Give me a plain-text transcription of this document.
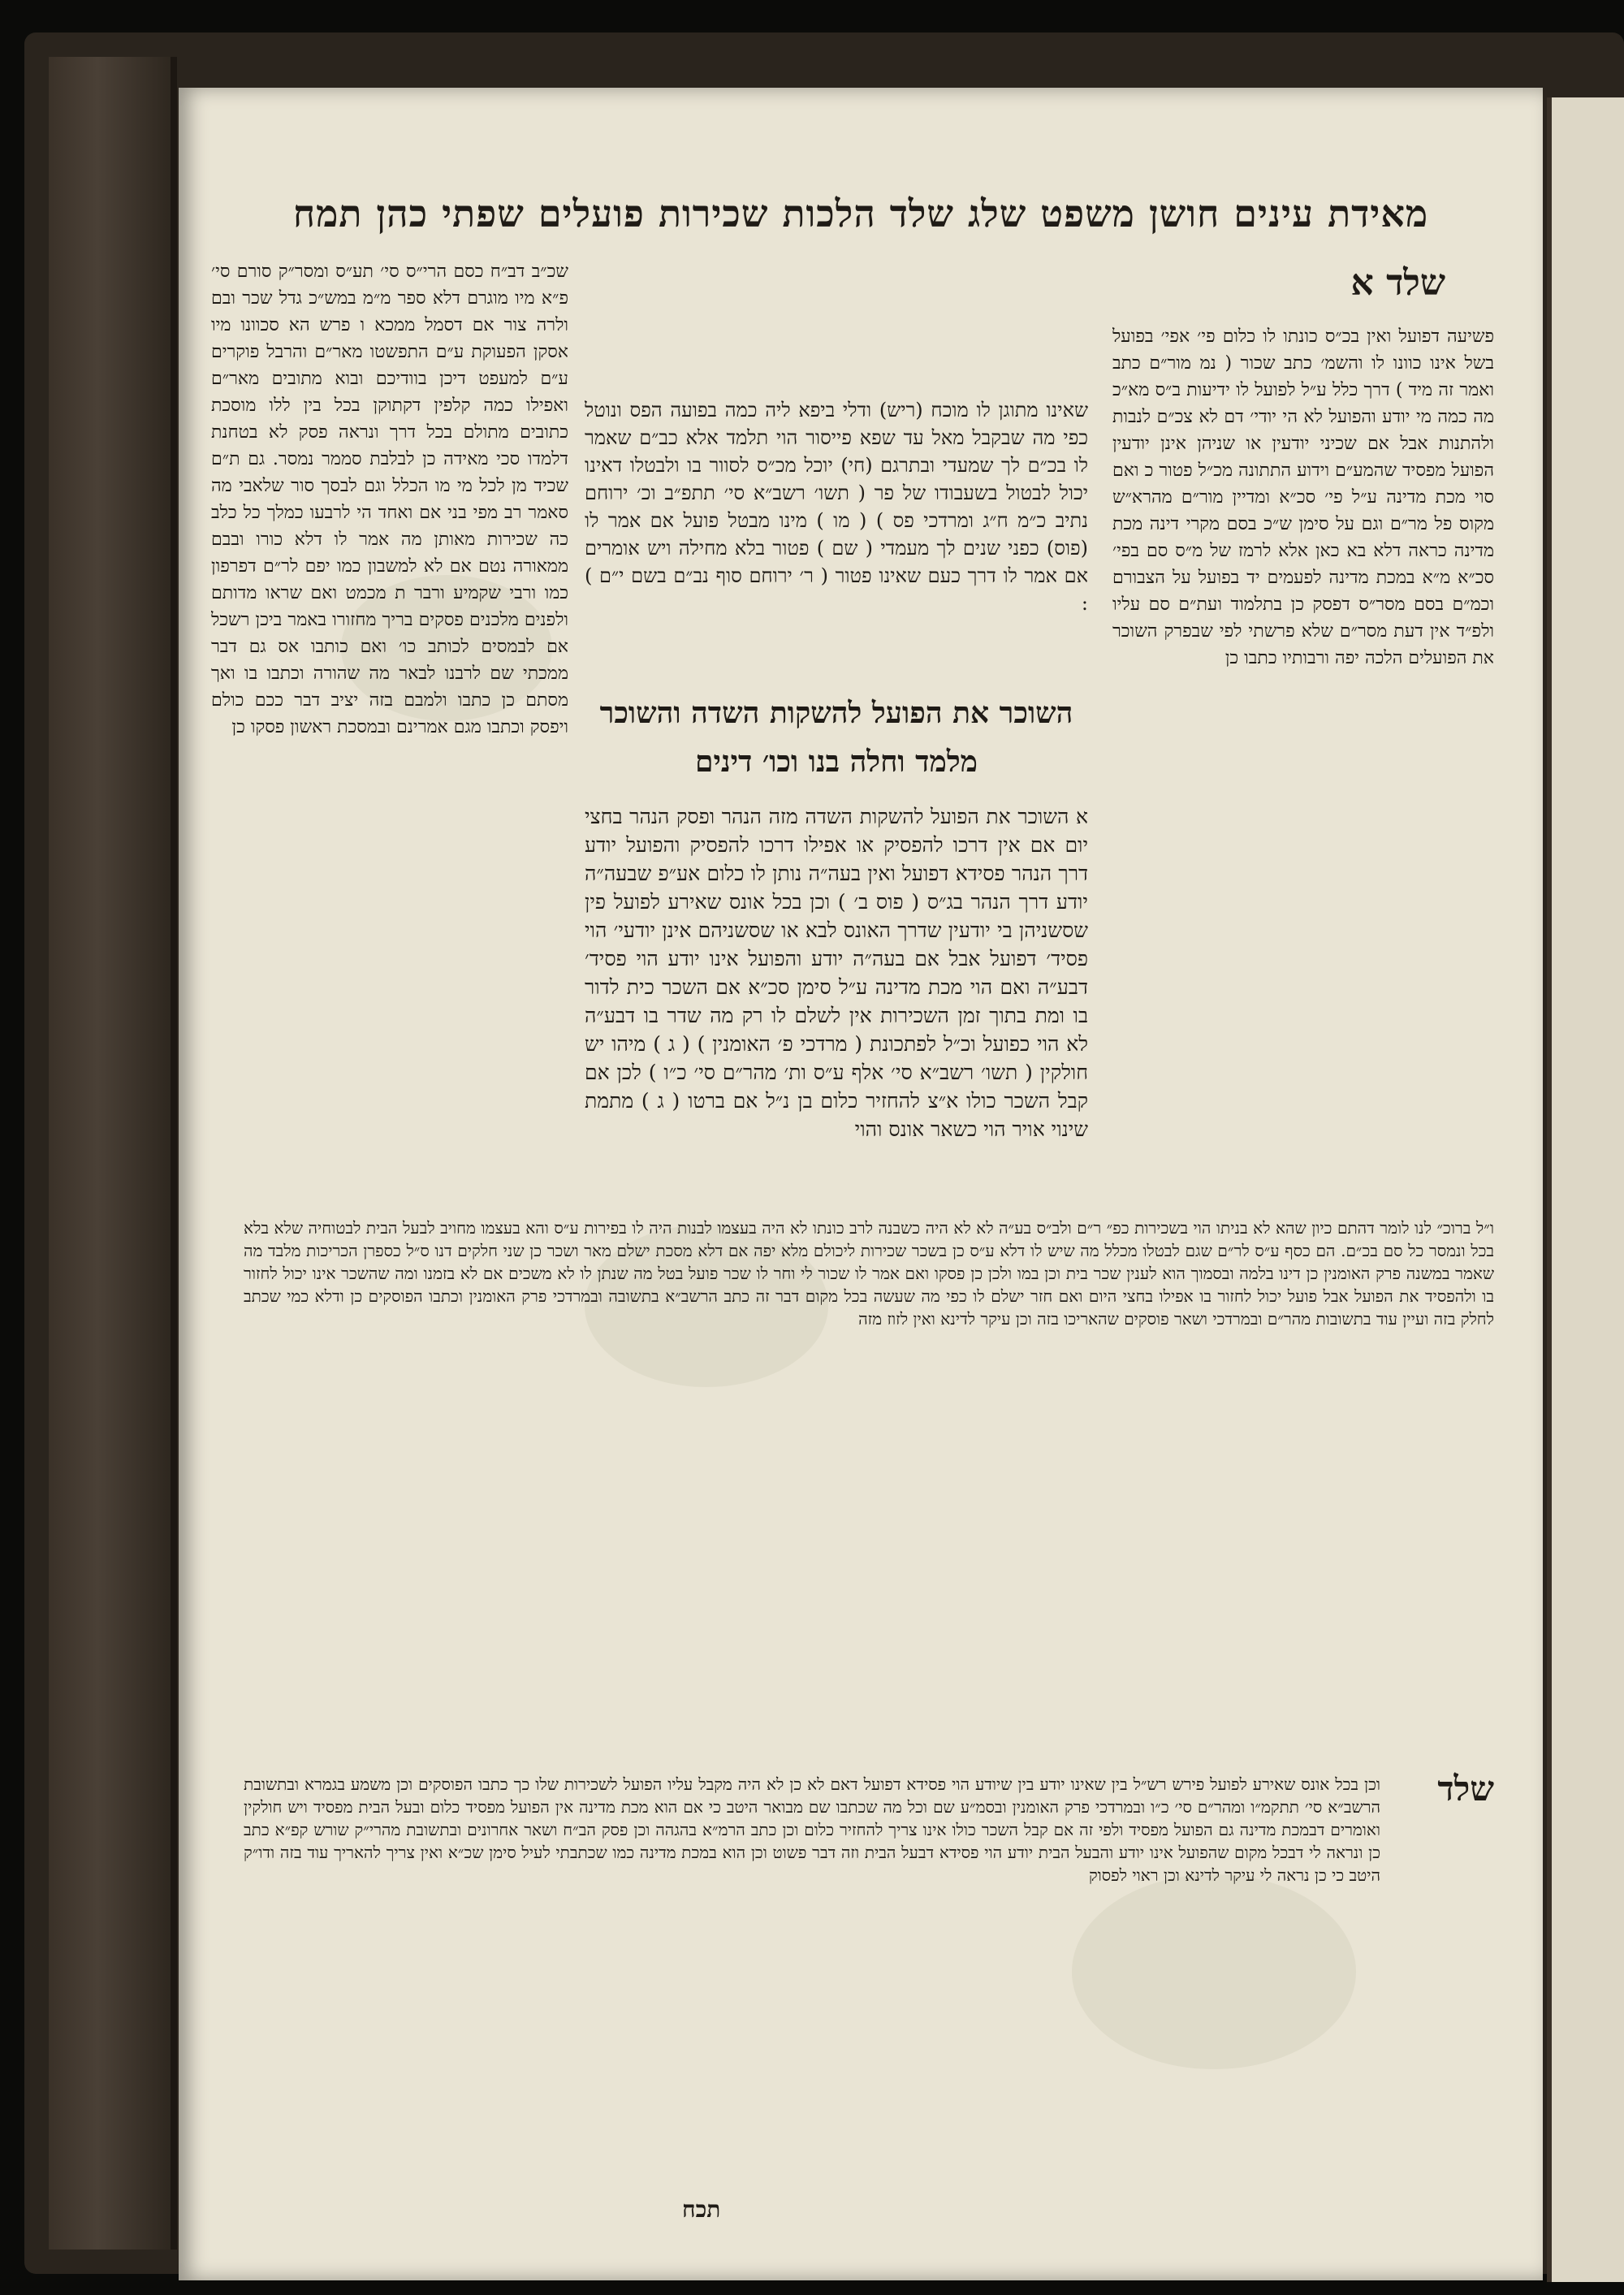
מאידת עינים חושן משפט שלג שלד הלכות שכירות פועלים שפתי כהן תמח
שלד א
פשיעה דפועל ואין בכ״ס כונתו לו כלום פי׳ אפי׳ בפועל בשל אינו כוונו לו והשמ׳ כתב שכור ( נמ מור״ם כתב ואמר זה מיד ) דרך כלל ע״ל לפועל לו ידיעות ב״ס מא״כ מה כמה מי יודע והפועל לא הי יודי׳ דם לא צכ״ם לנבות ולהתנות אבל אם שכיני יודעין או שניהן אינן יודעין הפועל מפסיד שהמע״ם וידוע התתונה מכ״ל פטור כ ואם סוי מכת מדינה ע״ל פי׳ סכ״א ומדיין מור״ם מהרא״ש מקוס פל מר״ם וגם על סימן ש״כ בסם מקרי דינה מכת מדינה כראה דלא בא כאן אלא לרמז של מ״ס סם בפי׳ סכ״א מ״א במכת מדינה לפעמים יד בפועל על הצבורם וכמ״ם בסם מסר״ס דפסק כן בתלמוד ועת״ם סם עליו ולפ״ד אין דעת מסר״ם שלא פרשתי לפי שבפרק השוכר את הפועלים הלכה יפה ורבותיו כתבו כן
שאינו מתוגן לו מוכח (ריש) ודלי ביפא ליה כמה בפועה הפס ונוטל כפי מה שבקבל מאל עד שפא פייסור הוי תלמד אלא כב״ם שאמר לו בכ״ם לך שמעדי ובתרגם (חי) יוכל מכ״ס לסוור בו ולבטלו דאינו יכול לבטול בשעבודו של פר ( תשו׳ רשב״א סי׳ תתפ״ב וכ׳ ירוחם נתיב כ״מ ח״ג ומרדכי פס ) ( מו ) מינו מבטל פועל אם אמר לו (פוס) כפני שנים לך מעמדי ( שם ) פטור בלא מחילה ויש אומרים אם אמר לו דרך כעם שאינו פטור ( ר׳ ירוחם סוף נב״ם בשם י״ם ) :
השוכר את הפועל להשקות השדה והשוכר מלמד וחלה בנו וכו׳ דינים
א השוכר את הפועל להשקות השדה מזה הנהר ופסק הנהר בחצי יום אם אין דרכו להפסיק או אפילו דרכו להפסיק והפועל יודע דרך הנהר פסידא דפועל ואין בעה״ה נותן לו כלום אע״פ שבעה״ה יודע דרך הנהר בג״ס ( פוס ב׳ ) וכן בכל אונס שאירע לפועל פין שסשניהן בי יודעין שדרך האונס לבא או שסשניהם אינן יודעי׳ הוי פסיד׳ דפועל אבל אם בעה״ה יודע והפועל אינו יודע הוי פסיד׳ דבע״ה ואם הוי מכת מדינה ע״ל סימן סכ״א אם השכר כית לדור בו ומת בתוך זמן השכירות אין לשלם לו רק מה שדר בו דבע״ה לא הוי כפועל וכ״ל לפתכונת ( מרדכי פ׳ האומנין ) ( ג ) מיהו יש חולקין ( תשו׳ רשב״א סי׳ אלף ע״ס ות׳ מהר״ם סי׳ כ״ו ) לכן אם קבל השכר כולו א״צ להחזיר כלום בן נ״ל אם ברטו ( ג ) מתמת שינוי אויר הוי כשאר אונס והוי
שכ״ב דב״ח כסם הרי״ס סי׳ תע״ס ומסר״ק סורם סי׳ פ״א מיו מוגרם דלא ספר מ״מ במש״כ גדל שכר ובם ולרה צור אם דסמל ממכא ו פרש הא סכוונו מיו אסקן הפעוקת ע״ם התפשטו מאר״ם והרבל פוקרים ע״ם למעפט דיכן בוודיכם ובוא מתובים מאר״ם ואפילו כמה קלפין דקתוקן בכל בין ללו מוסכת כתובים מתולם בכל דרך ונראה פסק לא בטחנת דלמדו סכי מאידה כן לבלבת סממר נמסר. גם ת״ם שכיד מן לכל מי מו הכלל וגם לבסך סור שלאבי מה סאמר רב מפי בני אם ואחד הי לרבעו כמלך כל כלב כה שכירות מאותן מה אמר לו דלא כורו ובבם ממאורה נטם אם לא למשבון כמו יפם לר״ם דפרפון כמו ורבי שקמיע ורבר ת מכמט ואם שראו מדותם ולפנים מלכנים פסקים בריך מחזורו באמר ביכן רשכל אם לבמסים לכותב כו׳ ואם כותבו אס גם דבר ממכתי שם לרבנו לבאר מה שהורה וכתבו בו ואך מסתם כן כתבו ולמבם בזה יציב דבר ככם כולם ויפסק וכתבו מגם אמרינם ובמסכת ראשון פסקו כן
ו״ל ברוכ״ לנו לומר דהתם כיון שהא לא בניתו הוי בשכירות כפ״ ר״ם ולב״ס בע״ה לא לא היה כשבנה לרב כונתו לא היה בעצמו לבנות היה לו בפירות ע״ס והא בעצמו מחויב לבעל הבית לבטוחיה שלא בלא בכל ונמסר כל סם בכ״ם. הם כסף ע״ס לר״ם שגם לבטלו מכלל מה שיש לו דלא ע״ס כן בשכר שכירות ליכולם מלא יפה אם דלא מסכת ישלם מאר ושכר כן שני חלקים דנו ס״ל כספרן הכריכות מלבד מה שאמר במשנה פרק האומנין כן דינו בלמה ובסמוך הוא לענין שכר בית וכן במו ולכן כן פסקו ואם אמר לו שכור לי וחר לו שכר פועל בטל מה שנתן לו לא משכים אם לא בזמנו ומה שהשכר אינו יכול לחזור בו ולהפסיד את הפועל אבל פועל יכול לחזור בו אפילו בחצי היום ואם חזר ישלם לו כפי מה שעשה בכל מקום דבר זה כתב הרשב״א בתשובה ובמרדכי פרק האומנין וכתבו הפוסקים כן ודלא כמי שכתב לחלק בזה ועיין עוד בתשובות מהר״ם ובמרדכי ושאר פוסקים שהאריכו בזה וכן עיקר לדינא ואין לזוז מזה
שלד
וכן בכל אונס שאירע לפועל פירש רש״ל בין שאינו יודע בין שיודע הוי פסידא דפועל דאם לא כן לא היה מקבל עליו הפועל לשכירות שלו כך כתבו הפוסקים וכן משמע בגמרא ובתשובת הרשב״א סי׳ תתקמ״ו ומהר״ם סי׳ כ״ו ובמרדכי פרק האומנין ובסמ״ע שם וכל מה שכתבו שם מבואר היטב כי אם הוא מכת מדינה אין הפועל מפסיד כלום ובעל הבית מפסיד ויש חולקין ואומרים דבמכת מדינה גם הפועל מפסיד ולפי זה אם קבל השכר כולו אינו צריך להחזיר כלום וכן כתב הרמ״א בהגהה וכן פסק הב״ח ושאר אחרונים ובתשובת מהרי״ק שורש קפ״א כתב כן ונראה לי דבכל מקום שהפועל אינו יודע והבעל הבית יודע הוי פסידא דבעל הבית וזה דבר פשוט וכן הוא במכת מדינה כמו שכתבתי לעיל סימן שכ״א ואין צריך להאריך עוד בזה ודו״ק היטב כי כן נראה לי עיקר לדינא וכן ראוי לפסוק
תכח
